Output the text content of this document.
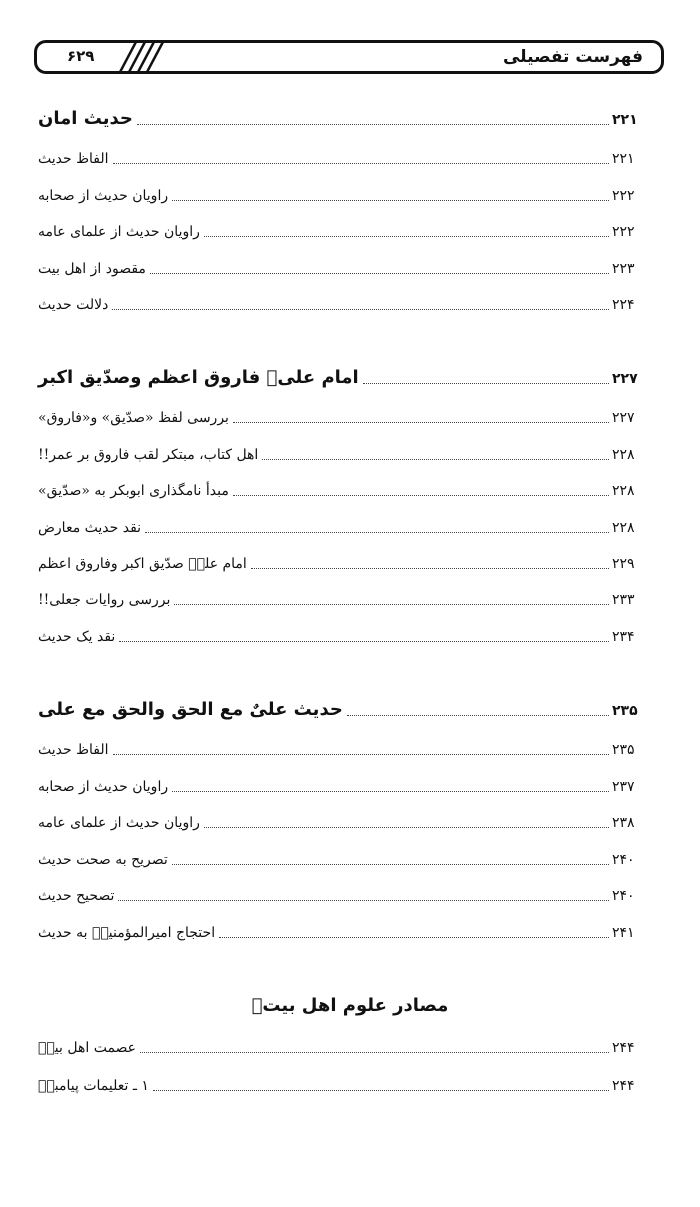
فهرست تفصیلی
۶۲۹
حدیث امان	۲۲۱
الفاظ حدیث	۲۲۱
راویان حدیث از صحابه	۲۲۲
راویان حدیث از علمای عامه	۲۲۲
مقصود از اهل بیت	۲۲۳
دلالت حدیث	۲۲۴
امام علیؑ فاروق اعظم وصدّیق اکبر	۲۲۷
بررسی لفظ «صدّیق» و«فاروق»	۲۲۷
اهل کتاب، مبتکر لقب فاروق بر عمر!!	۲۲۸
مبدأ نامگذاری ابوبکر به «صدّیق»	۲۲۸
نقد حدیث معارض	۲۲۸
امام علیؑ صدّیق اکبر وفاروق اعظم	۲۲۹
بررسی روایات جعلی!!	۲۳۳
نقد یک حدیث	۲۳۴
حدیث علیٌ مع الحق والحق مع علی	۲۳۵
الفاظ حدیث	۲۳۵
راویان حدیث از صحابه	۲۳۷
راویان حدیث از علمای عامه	۲۳۸
تصریح به صحت حدیث	۲۴۰
تصحیح حدیث	۲۴۰
احتجاج امیرالمؤمنینؑ به حدیث	۲۴۱
عصمت اهل بیتؑ	۲۴۴
۱ ـ تعلیمات پیامبرؐ	۲۴۴
مصادر علوم اهل بیتؑ
